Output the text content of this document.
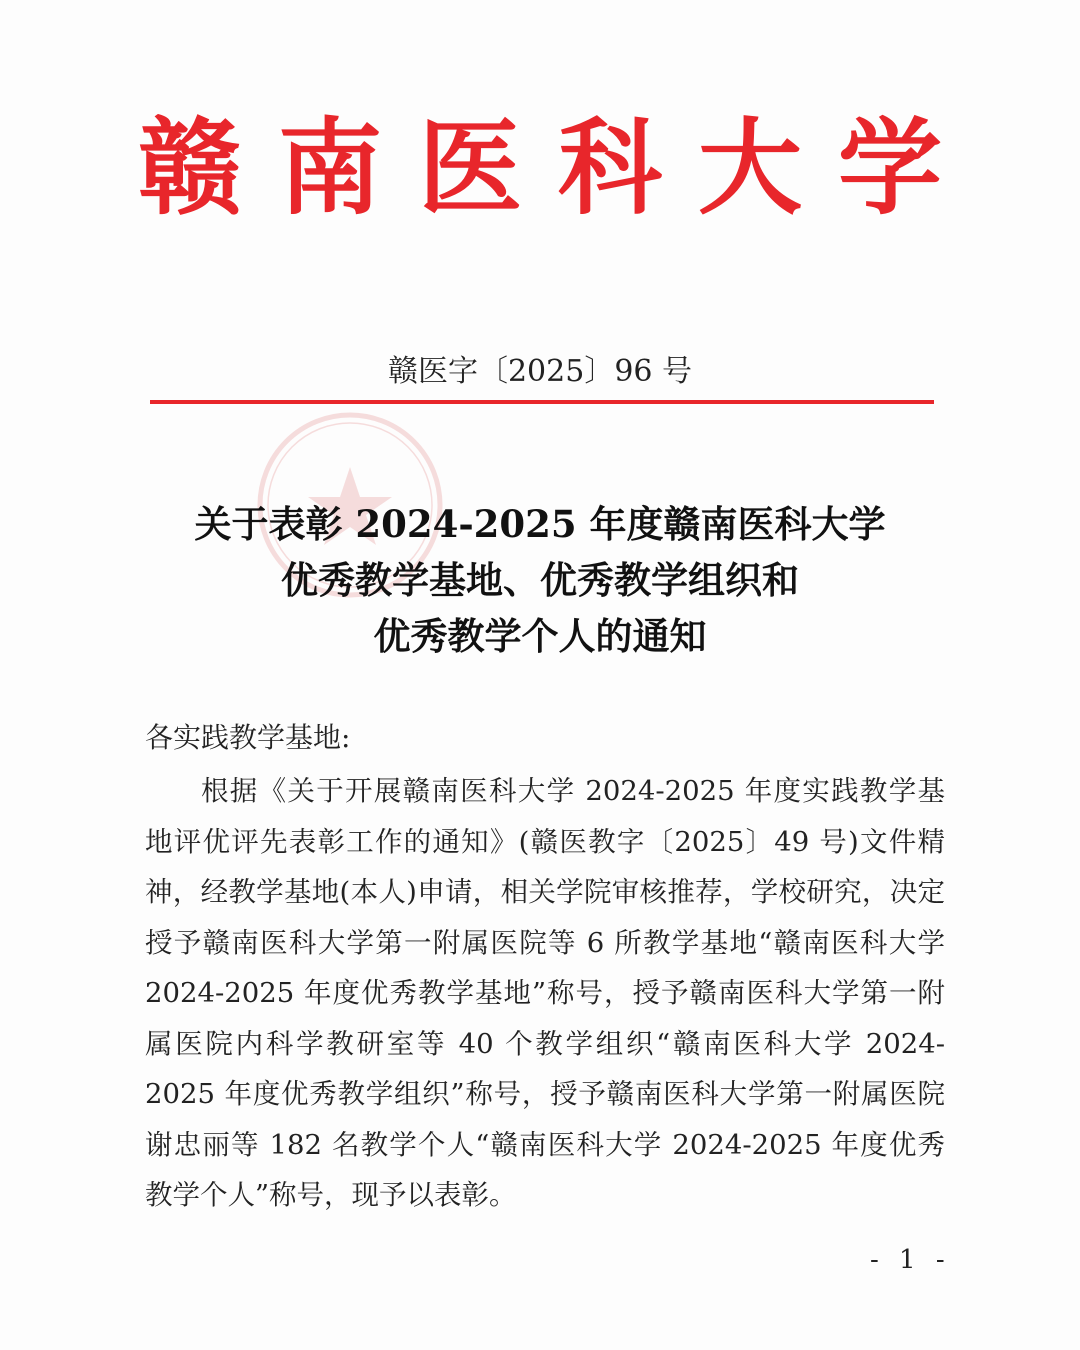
赣南医科大学
赣医字〔2025〕96 号
关于表彰 2024-2025 年度赣南医科大学
优秀教学基地、优秀教学组织和
优秀教学个人的通知
各实践教学基地:
根据《关于开展赣南医科大学 2024-2025 年度实践教学基地评优评先表彰工作的通知》(赣医教字〔2025〕49 号)文件精神，经教学基地(本人)申请，相关学院审核推荐，学校研究，决定授予赣南医科大学第一附属医院等 6 所教学基地“赣南医科大学 2024-2025 年度优秀教学基地”称号，授予赣南医科大学第一附属医院内科学教研室等 40 个教学组织“赣南医科大学 2024-2025 年度优秀教学组织”称号，授予赣南医科大学第一附属医院谢忠丽等 182 名教学个人“赣南医科大学 2024-2025 年度优秀教学个人”称号，现予以表彰。
- 1 -
